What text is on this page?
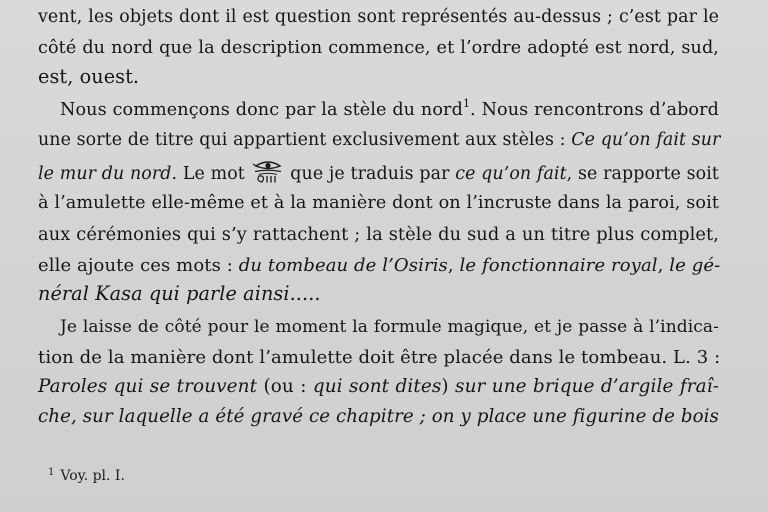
vent, les objets dont il est question sont représentés au-dessus ; c’est par le
côté du nord que la description commence, et l’ordre adopté est nord, sud,
est, ouest.
Nous commençons donc par la stèle du nord$^1$. Nous rencontrons d’abord
une sorte de titre qui appartient exclusivement aux stèles : Ce qu’on fait sur
le mur du nord. Le mot  que je traduis par ce qu’on fait, se rapporte soit
à l’amulette elle-même et à la manière dont on l’incruste dans la paroi, soit
aux cérémonies qui s’y rattachent ; la stèle du sud a un titre plus complet,
elle ajoute ces mots : du tombeau de l’Osiris, le fonctionnaire royal, le gé-
néral Kasa qui parle ainsi.....
Je laisse de côté pour le moment la formule magique, et je passe à l’indica-
tion de la manière dont l’amulette doit être placée dans le tombeau. L. 3 :
Paroles qui se trouvent (ou : qui sont dites) sur une brique d’argile fraî-
che, sur laquelle a été gravé ce chapitre ; on y place une figurine de bois
$^1$ Voy. pl. I.
